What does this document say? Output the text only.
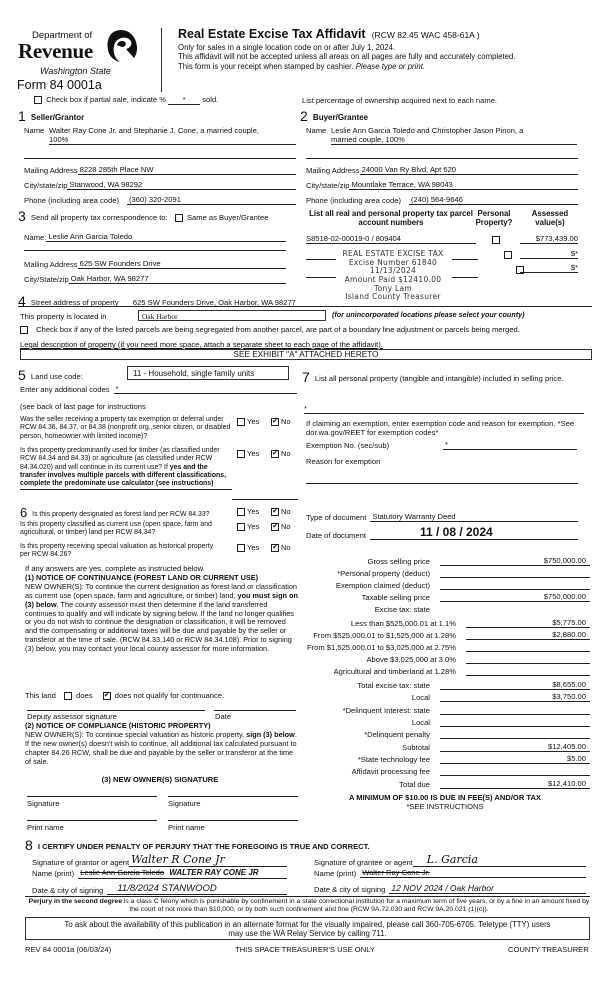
Department of
Revenue
Washington State
Form 84 0001a
Real Estate Excise Tax Affidavit (RCW 82.45 WAC 458-61A )
Only for sales in a single location code on or after July 1, 2024.
This affidavit will not be accepted unless all areas on all pages are fully and accurately completed.
This form is your receipt when stamped by cashier. Please type or print.
Check box if partial sale, indicate % * sold.	List percentage of ownership acquired next to each name.
1 Seller/Grantor
Name Walter Ray Cone Jr. and Stephanie J. Cone, a married couple,
100%
Mailing Address 8228 285th Place NW
City/state/zip Stanwood, WA 98292
Phone (including area code) (360) 320-2091
2 Buyer/Grantee
Name Leslie Ann Garcia Toledo and Christopher Jason Pinon, a
married couple, 100%
Mailing Address 24000 Van Ry Blvd, Apt 620
City/state/zip Mountlake Terrace, WA 98043
Phone (including area code) (240) 564-9646
3 Send all property tax correspondence to:	Same as Buyer/Grantee
Name: Leslie Ann Garcia Toledo
Mailing Address 625 SW Founders Drive
City/State/zip Oak Harbor, WA 98277
List all real and personal property tax parcel account numbers
Personal Property?
Assessed value(s)
S8518-02-00019-0 / 809404
	$773,439.00

$*
$*
REAL ESTATE EXCISE TAX
Excise Number 61840
11/13/2024
Amount Paid $12410.00
Tony Lam
Island County Treasurer
4 Street address of property 625 SW Founders Drive, Oak Harbor, WA 98277
This property is located in	Oak Harbor	(for unincorporated locations please select your county)
Check box if any of the listed parcels are being segregated from another parcel, are part of a boundary line adjustment or parcels being merged.
Legal description of property (if you need more space, attach a separate sheet to each page of the affidavit).
SEE EXHIBIT "A" ATTACHED HERETO
5 Land use code:	11 - Household, single family units
Enter any additional codes *
(see back of last page for instructions
Was the seller receiving a property tax exemption or deferral under RCW 84.36, 84.37, or 84.38 (nonprofit org.,senior citizen, or disabled person, homeowner with limited income)?
Yes ✓	No
Is this property predominantly used for timber (as classified under RCW 84.34 and 84.33) or agriculture (as classified under RCW 84.34.020) and will continue in its current use? If yes and the transfer involves multiple parcels with different classifications, complete the predominate use calculator (see instructions)
Yes ✓	No
6 Is this property designated as forest land per RCW 84.33?	Yes ✓	No
Is this property classified as current use (open space, farm and agricultural, or timber) land per RCW 84.34?
Yes ✓	No
Is this property receiving special valuation as historical property per RCW 84.26?
Yes ✓	No
If any answers are yes, complete as instructed below.
(1) NOTICE OF CONTINUANCE (FOREST LAND OR CURRENT USE)
NEW OWNER(S): To continue the current designation as forest land or classification as current use (open space, farm and agriculture, or timber) land, you must sign on (3) below. The county assessor must then determine if the land transferred continues to qualify and will indicate by signing below. If the land no longer qualifies or you do not wish to continue the designation or classification, it will be removed and the compensating or additional taxes will be due and payable by the seller or transferor at the time of sale. (RCW 84.33.140 or RCW 84.34.108). Prior to signing (3) below, you may contact your local county assessor for more information.
This land	does ✓	does not qualify for continuance.
Deputy assessor signature	Date
(2) NOTICE OF COMPLIANCE (HISTORIC PROPERTY)
NEW OWNER(S): To continue special valuation as historic property, sign (3) below. If the new owner(s) doesn't wish to continue, all additional tax calculated pursuant to chapter 84.26 RCW, shall be due and payable by the seller or transferor at the time of sale.
(3) NEW OWNER(S) SIGNATURE
Signature	Signature
Print name	Print name
7 List all personal property (tangible and intangible) included in selling price.
*
If claiming an exemption, enter exemption code and reason for exemption. *See dor.wa.gov/REET for exemption codes*
Exemption No. (sec/sub)	*
Reason for exemption
Type of document Statutory Warranty Deed
Date of document	11 / 08 / 2024
Gross selling price	$750,000.00
*Personal property (deduct)
Exemption claimed (deduct)
Taxable selling price	$750,000.00
Excise tax: state
Less than $525,000.01 at 1.1%	$5,775.00
From $525,000.01 to $1,525,000 at 1.28%	$2,880.00
From $1,525,000.01 to $3,025,000 at 2.75%
Above $3,025,000 at 3.0%
Agricultural and timberland at 1.28%
Total excise tax: state	$8,655.00
Local	$3,750.00
*Delinquent Interest: state
Local
*Delinquent penalty
Subtotal	$12,405.00
*State technology fee	$5.00
Affidavit processing fee
Total due	$12,410.00
A MINIMUM OF $10.00 IS DUE IN FEE(S) AND/OR TAX
*SEE INSTRUCTIONS
8 I CERTIFY UNDER PENALTY OF PERJURY THAT THE FOREGOING IS TRUE AND CORRECT.
Signature of grantor or agent Walter R Cone Jr	Signature of grantee or agent	L. Garcia
Name (print) Leslie Ann Garcia Toledo WALTER RAY CONE JR	Name (print) Walter Ray Cone Jr.
Date & city of signing	11/8/2024 STANWOOD	Date & city of signing 12 NOV 2024 / Oak Harbor
Perjury in the second degree is a class C felony which is punishable by confinement in a state correctional institution for a maximum term of five years, or by a fine in an amount fixed by the court of not more than $10,000, or by both such confinement and fine (RCW 9A.72.030 and RCW 9A.20.021 (1)(c)).
To ask about the availability of this publication in an alternate format for the visually impaired, please call 360-705-6705. Teletype (TTY) users may use the WA Relay Service by calling 711.
REV 84 0001a (06/03/24)	THIS SPACE TREASURER'S USE ONLY	COUNTY TREASURER
